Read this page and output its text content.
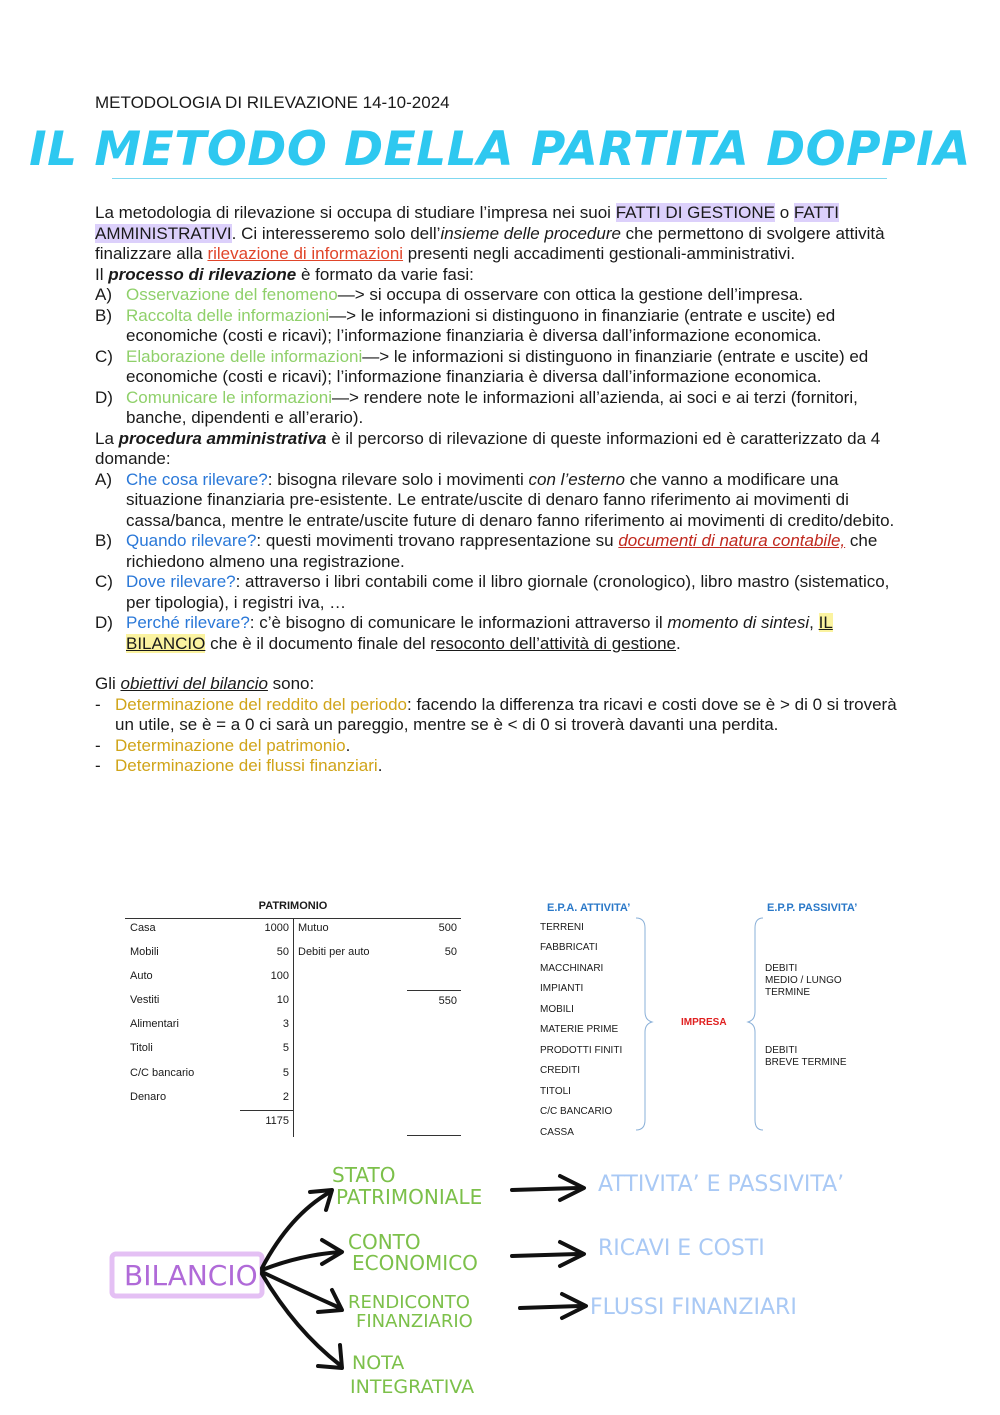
METODOLOGIA DI RILEVAZIONE 14-10-2024
IL METODO DELLA PARTITA DOPPIA

La metodologia di rilevazione si occupa di studiare l’impresa nei suoi FATTI DI GESTIONE o FATTI AMMINISTRATIVI. Ci interesseremo solo dell’insieme delle procedure che permettono di svolgere attività finalizzare alla rilevazione di informazioni presenti negli accadimenti gestionali-amministrativi.

Il processo di rilevazione è formato da varie fasi:

A) Osservazione del fenomeno—> si occupa di osservare con ottica la gestione dell’impresa.
B) Raccolta delle informazioni—> le informazioni si distinguono in finanziarie (entrate e uscite) ed economiche (costi e ricavi); l’informazione finanziaria è diversa dall’informazione economica.
C) Elaborazione delle informazioni—> le informazioni si distinguono in finanziarie (entrate e uscite) ed economiche (costi e ricavi); l’informazione finanziaria è diversa dall’informazione economica.
D) Comunicare le informazioni—> rendere note le informazioni all’azienda, ai soci e ai terzi (fornitori, banche, dipendenti e all’erario).

La procedura amministrativa è il percorso di rilevazione di queste informazioni ed è caratterizzato da 4 domande:

A) Che cosa rilevare?: bisogna rilevare solo i movimenti con l’esterno che vanno a modificare una situazione finanziaria pre-esistente. Le entrate/uscite di denaro fanno riferimento ai movimenti di cassa/banca, mentre le entrate/uscite future di denaro fanno riferimento ai movimenti di credito/debito.
B) Quando rilevare?: questi movimenti trovano rappresentazione su documenti di natura contabile, che richiedono almeno una registrazione.
C) Dove rilevare?: attraverso i libri contabili come il libro giornale (cronologico), libro mastro (sistematico, per tipologia), i registri iva, …
D) Perché rilevare?: c’è bisogno di comunicare le informazioni attraverso il momento di sintesi, IL BILANCIO che è il documento finale del resoconto dell’attività di gestione.

Gli obiettivi del bilancio sono:

- Determinazione del reddito del periodo: facendo la differenza tra ricavi e costi dove se è > di 0 si troverà un utile, se è = a 0 ci sarà un pareggio, mentre se è < di 0 si troverà davanti una perdita.
- Determinazione del patrimonio.
- Determinazione dei flussi finanziari.
PATRIMONIO
Casa	1000
Mobili	50
Auto	100
Vestiti	10
Alimentari	3
Titoli	5
C/C bancario	5
Denaro	2
1175
Mutuo	500
Debiti per auto	50
550
E.P.A. ATTIVITA’	E.P.P. PASSIVITA’
TERRENI
FABBRICATI
MACCHINARI
IMPIANTI
MOBILI
MATERIE PRIME
PRODOTTI FINITI
CREDITI
TITOLI
C/C BANCARIO
CASSA
IMPRESA
DEBITI
MEDIO / LUNGO
TERMINE
DEBITI
BREVE TERMINE
BILANCIO
STATO
PATRIMONIALE
CONTO
ECONOMICO
RENDICONTO
FINANZIARIO
NOTA
INTEGRATIVA
ATTIVITA’ E PASSIVITA’
RICAVI E COSTI
FLUSSI FINANZIARI
